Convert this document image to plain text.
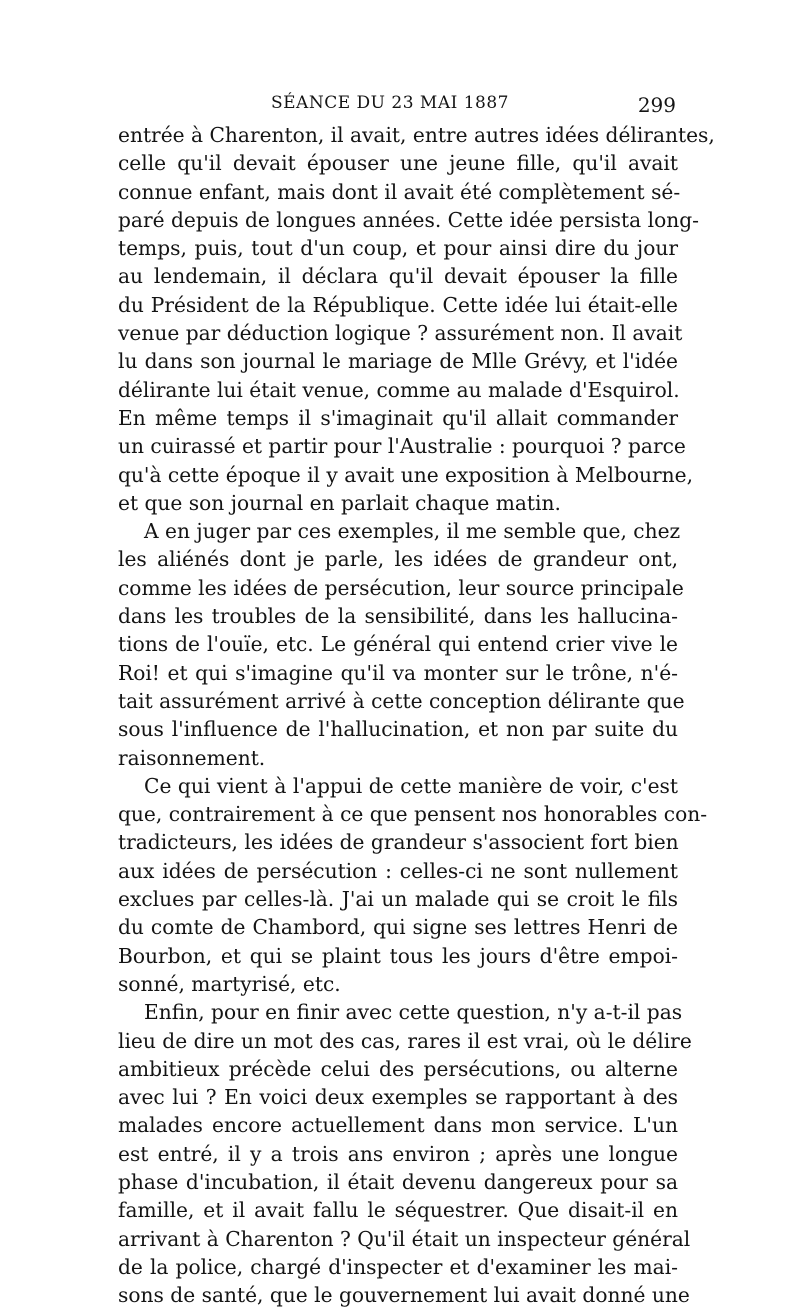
SÉANCE DU 23 MAI 1887	299
entrée à Charenton, il avait, entre autres idées délirantes,
celle qu'il devait épouser une jeune fille, qu'il avait
connue enfant, mais dont il avait été complètement sé-
paré depuis de longues années. Cette idée persista long-
temps, puis, tout d'un coup, et pour ainsi dire du jour
au lendemain, il déclara qu'il devait épouser la fille
du Président de la République. Cette idée lui était-elle
venue par déduction logique ? assurément non. Il avait
lu dans son journal le mariage de Mlle Grévy, et l'idée
délirante lui était venue, comme au malade d'Esquirol.
En même temps il s'imaginait qu'il allait commander
un cuirassé et partir pour l'Australie : pourquoi ? parce
qu'à cette époque il y avait une exposition à Melbourne,
et que son journal en parlait chaque matin.
A en juger par ces exemples, il me semble que, chez
les aliénés dont je parle, les idées de grandeur ont,
comme les idées de persécution, leur source principale
dans les troubles de la sensibilité, dans les hallucina-
tions de l'ouïe, etc. Le général qui entend crier vive le
Roi! et qui s'imagine qu'il va monter sur le trône, n'é-
tait assurément arrivé à cette conception délirante que
sous l'influence de l'hallucination, et non par suite du
raisonnement.
Ce qui vient à l'appui de cette manière de voir, c'est
que, contrairement à ce que pensent nos honorables con-
tradicteurs, les idées de grandeur s'associent fort bien
aux idées de persécution : celles-ci ne sont nullement
exclues par celles-là. J'ai un malade qui se croit le fils
du comte de Chambord, qui signe ses lettres Henri de
Bourbon, et qui se plaint tous les jours d'être empoi-
sonné, martyrisé, etc.
Enfin, pour en finir avec cette question, n'y a-t-il pas
lieu de dire un mot des cas, rares il est vrai, où le délire
ambitieux précède celui des persécutions, ou alterne
avec lui ? En voici deux exemples se rapportant à des
malades encore actuellement dans mon service. L'un
est entré, il y a trois ans environ ; après une longue
phase d'incubation, il était devenu dangereux pour sa
famille, et il avait fallu le séquestrer. Que disait-il en
arrivant à Charenton ? Qu'il était un inspecteur général
de la police, chargé d'inspecter et d'examiner les mai-
sons de santé, que le gouvernement lui avait donné une
